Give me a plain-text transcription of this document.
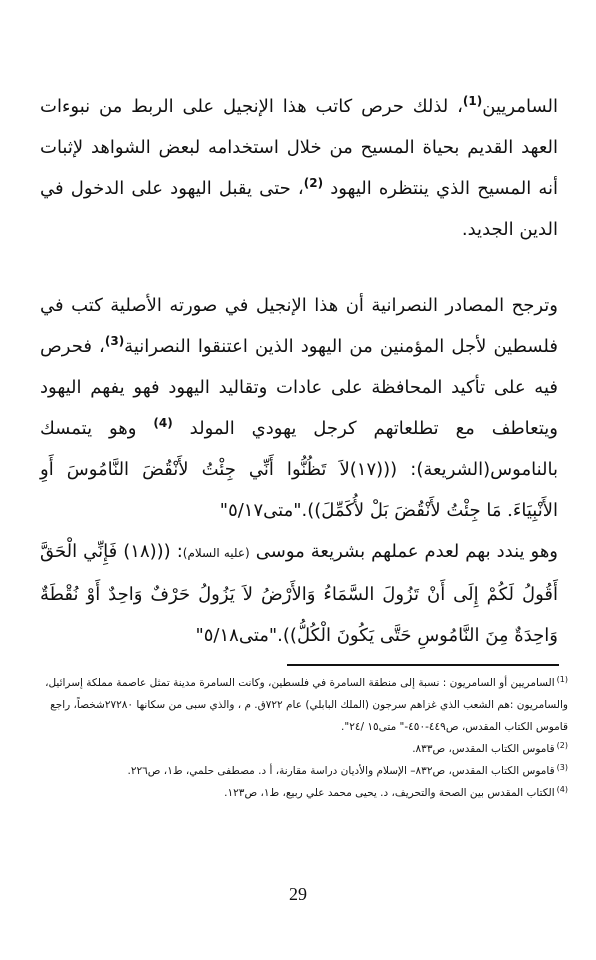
السامريين$^{(1)}$، لذلك حرص كاتب هذا الإنجيل على الربط من نبوءات العهد القديم بحياة المسيح من خلال استخدامه لبعض الشواهد لإثبات أنه المسيح الذي ينتظره اليهود $^{(2)}$، حتى يقبل اليهود على الدخول في الدين الجديد.

وترجح المصادر النصرانية أن هذا الإنجيل في صورته الأصلية كتب في فلسطين لأجل المؤمنين من اليهود الذين اعتنقوا النصرانية$^{(3)}$، فحرص فيه على تأكيد المحافظة على عادات وتقاليد اليهود فهو يفهم اليهود ويتعاطف مع تطلعاتهم كرجل يهودي المولد $^{(4)}$ وهو يتمسك بالناموس(الشريعة): (((١٧)لاَ تَظُنُّوا أَنِّي جِئْتُ لأَنْقُضَ النَّامُوسَ أَوِ الأَنْبِيَاءَ. مَا جِئْتُ لأَنْقُضَ بَلْ لأُكَمِّلَ))."متى٥/١٧"

وهو يندد بهم لعدم عملهم بشريعة موسى (عليه السلام): (((١٨) فَإِنِّي الْحَقَّ أَقُولُ لَكُمْ إِلَى أَنْ تَزُولَ السَّمَاءُ وَالأَرْضُ لاَ يَزُولُ حَرْفٌ وَاحِدٌ أَوْ نُقْطَةٌ وَاحِدَةٌ مِنَ النَّامُوسِ حَتَّى يَكُونَ الْكُلُّ))."متى٥/١٨"

$^{(1)}$السامريين أو السامريون : نسبة إلى منطقة السامرة في فلسطين، وكانت السامرة مدينة تمثل عاصمة مملكة إسرائيل، والسامريون :هم الشعب الذي غزاهم سرجون (الملك البابلي) عام ٧٢٢ق. م ، والذي سبى من سكانها ٢٧٢٨٠شخصاً، راجع قاموس الكتاب المقدس، ص٤٤٩-٤٥٠-" متى١٥ /٢٤".

$^{(2)}$قاموس الكتاب المقدس، ص٨٣٣.

$^{(3)}$قاموس الكتاب المقدس، ص٨٣٢– الإسلام والأديان دراسة مقارنة، أ د. مصطفى حلمي، ط١، ص٢٢٦.

$^{(4)}$الكتاب المقدس بين الصحة والتحريف، د. يحيى محمد علي ربيع، ط١، ص١٢٣.

29
